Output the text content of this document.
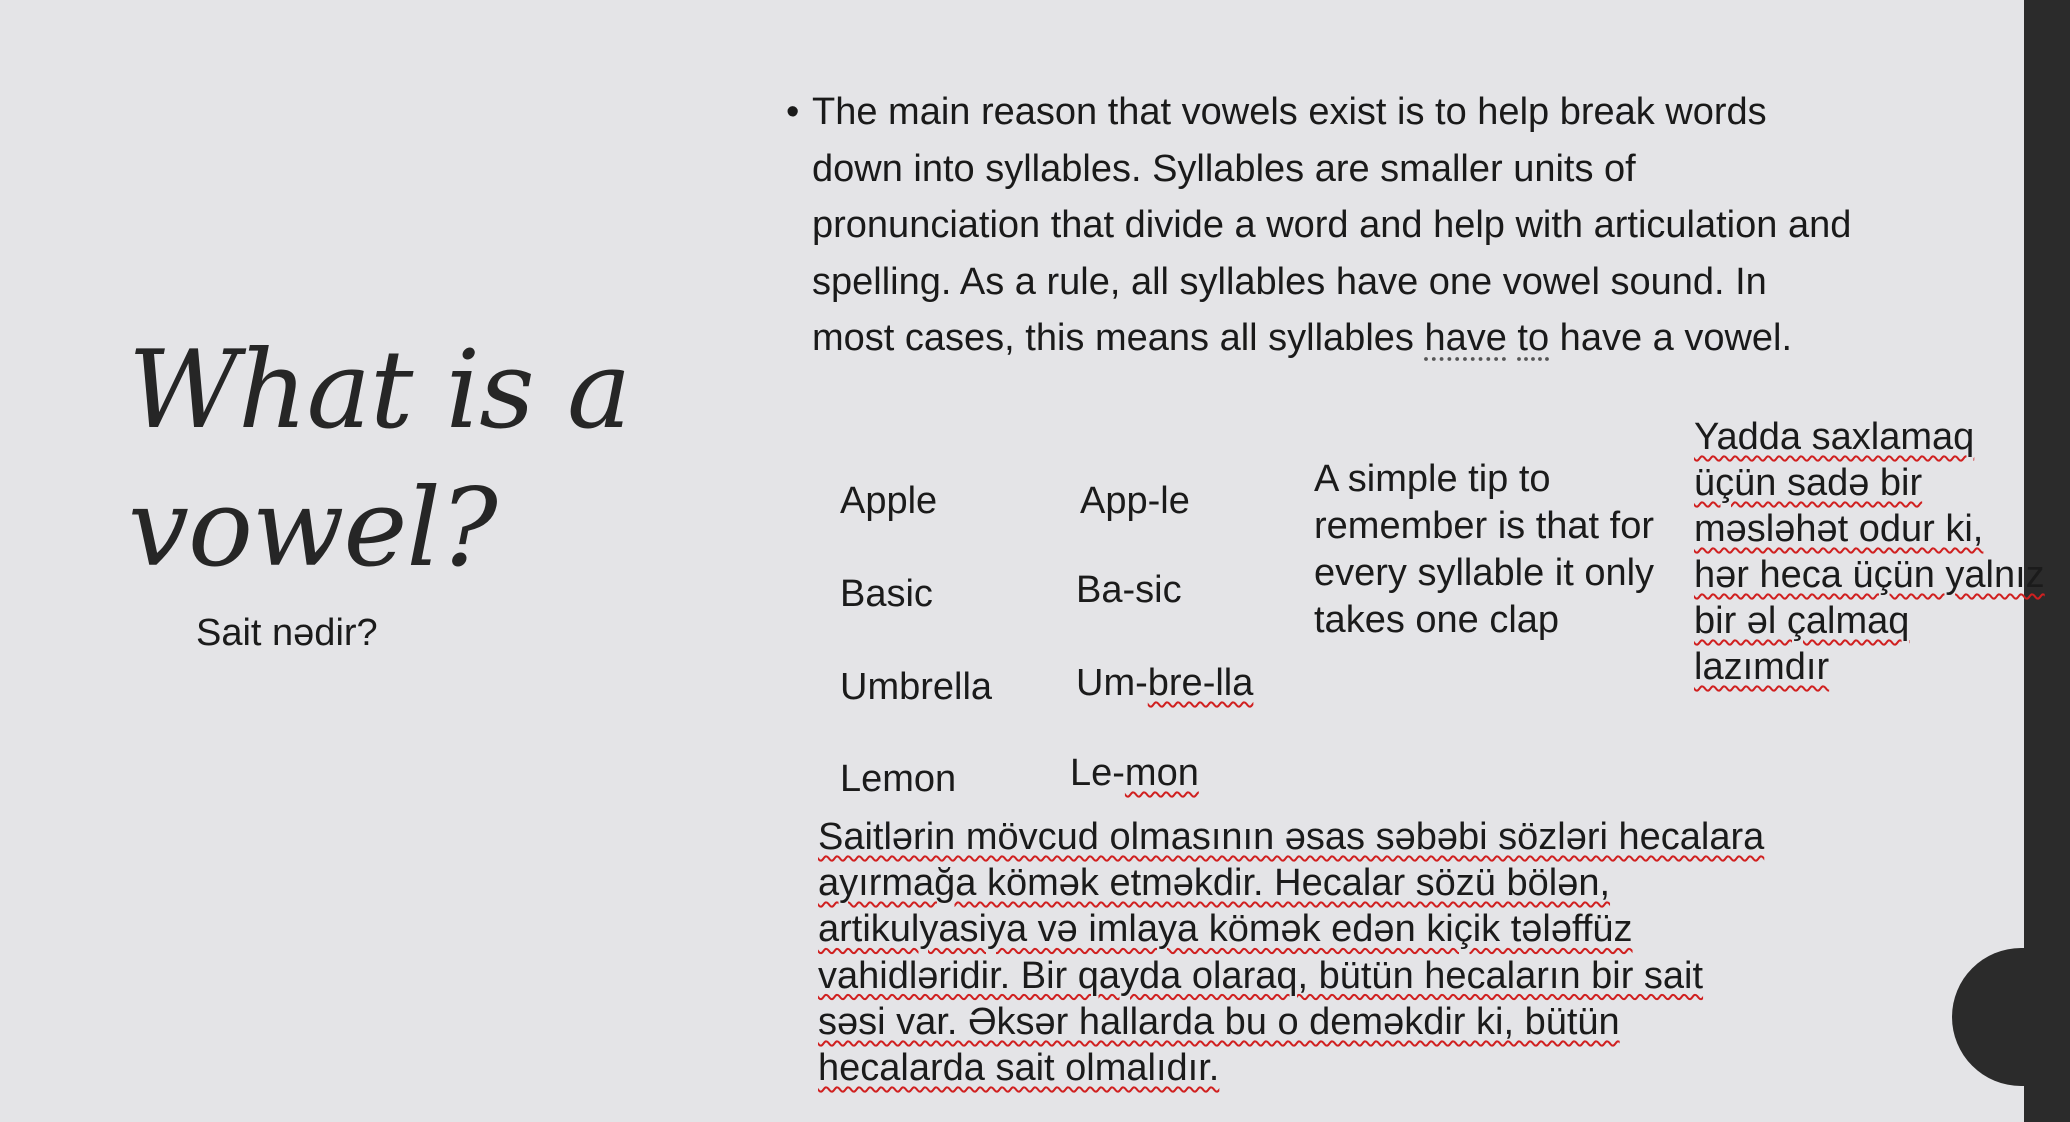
What is a
vowel?
Sait nədir?
• The main reason that vowels exist is to help break words down into syllables. Syllables are smaller units of pronunciation that divide a word and help with articulation and spelling. As a rule, all syllables have one vowel sound. In most cases, this means all syllables have to have a vowel.
Apple	App-le
Basic	Ba-sic
Umbrella Um-bre-lla
Lemon	Le-mon
A simple tip to remember is that for every syllable it only takes one clap
Yadda saxlamaq
üçün sadə bir
məsləhət odur ki,
hər heca üçün yalnız
bir əl çalmaq
lazımdır
Saitlərin mövcud olmasının əsas səbəbi sözləri hecalara
ayırmağa kömək etməkdir. Hecalar sözü bölən,
artikulyasiya və imlaya kömək edən kiçik tələffüz
vahidləridir. Bir qayda olaraq, bütün hecaların bir sait
səsi var. Əksər hallarda bu o deməkdir ki, bütün
hecalarda sait olmalıdır.
